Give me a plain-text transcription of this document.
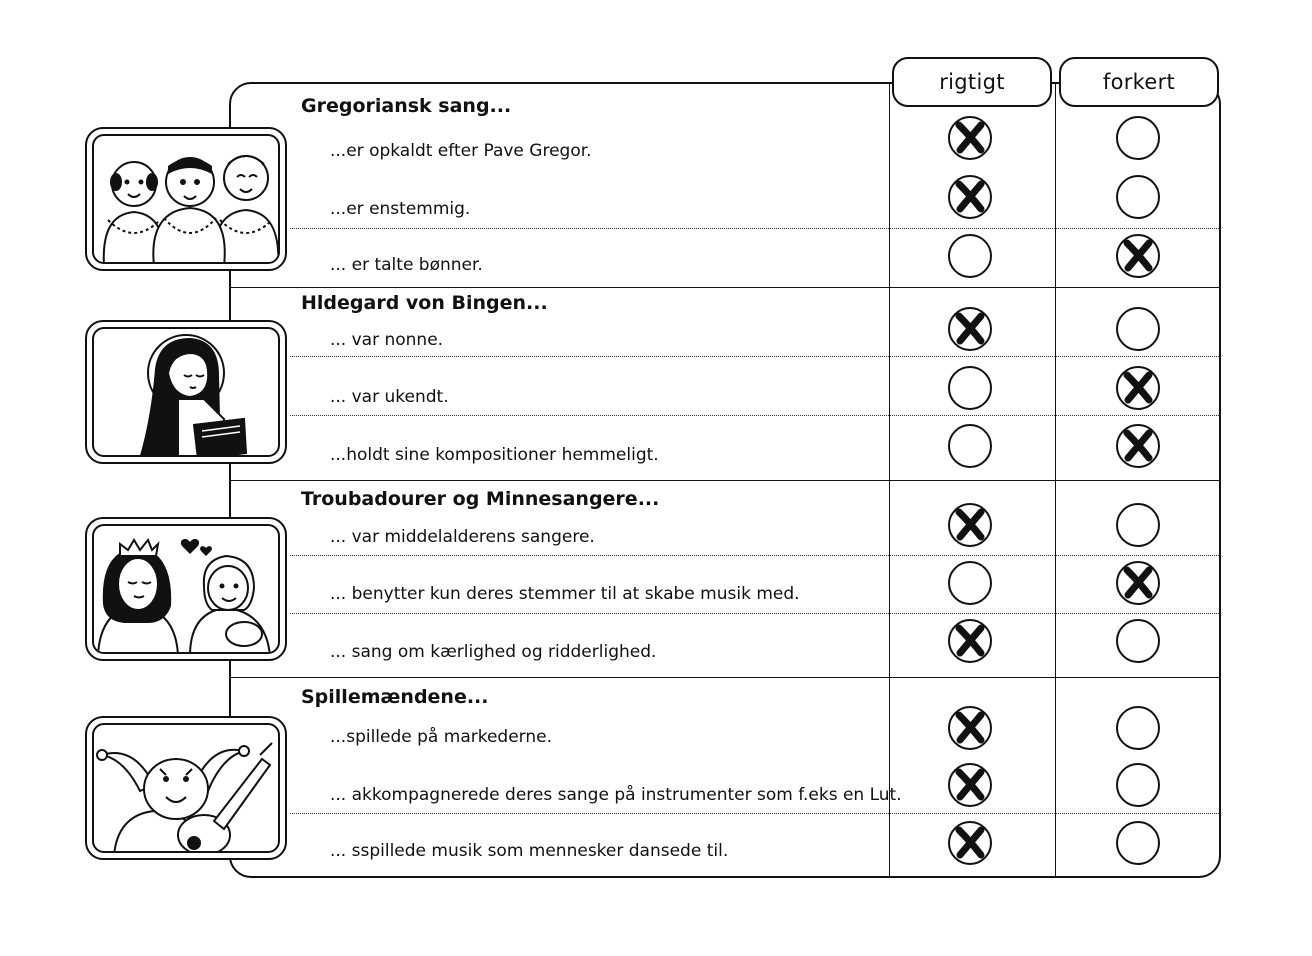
rigtigt	forkert
Gregoriansk sang...
...er opkaldt efter Pave Gregor.
...er enstemmig.
... er talte bønner.
Hldegard von Bingen...
... var nonne.
... var ukendt.
...holdt sine kompositioner hemmeligt.
Troubadourer og Minnesangere...
... var middelalderens sangere.
... benytter kun deres stemmer til at skabe musik med.
... sang om kærlighed og ridderlighed.
Spillemændene...
...spillede på markederne.
... akkompagnerede deres sange på instrumenter som f.eks en Lut.
... sspillede musik som mennesker dansede til.
